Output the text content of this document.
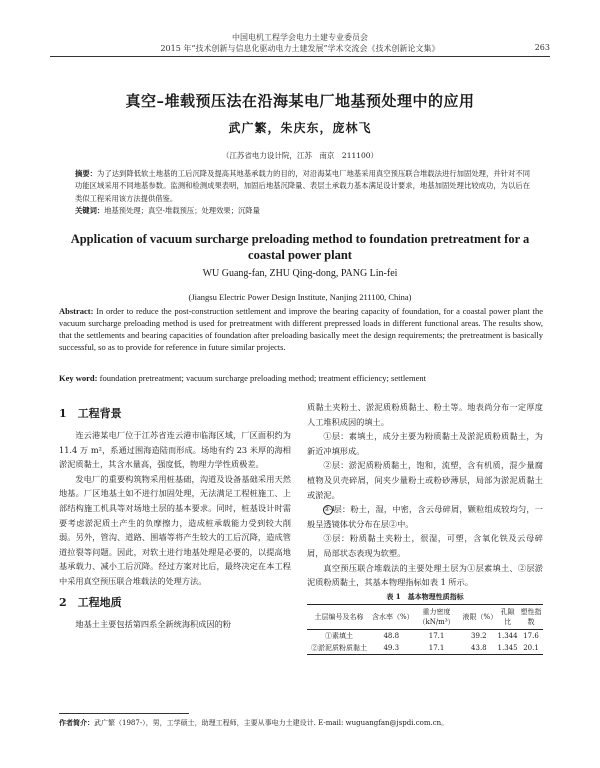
中国电机工程学会电力土建专业委员会
2015 年“技术创新与信息化驱动电力土建发展”学术交流会《技术创新论文集》	263
真空–堆载预压法在沿海某电厂地基预处理中的应用
武广繁，朱庆东，庞林飞
（江苏省电力设计院，江苏　南京　211100）
摘要：为了达到降低软土地基的工后沉降及提高其地基承载力的目的，对沿海某电厂地基采用真空预压联合堆载法进行加固处理，并针对不同功能区域采用不同地基参数。监测和检测成果表明，加固后地基沉降量、表层土承载力基本满足设计要求，地基加固处理比较成功，为以后在类似工程采用该方法提供借鉴。
关键词：地基预处理；真空-堆载预压；处理效果；沉降量
Application of vacuum surcharge preloading method to foundation pretreatment for a coastal power plant
WU Guang-fan, ZHU Qing-dong, PANG Lin-fei
(Jiangsu Electric Power Design Institute, Nanjing 211100, China)
Abstract: In order to reduce the post-construction settlement and improve the bearing capacity of foundation, for a coastal power plant the vacuum surcharge preloading method is used for pretreatment with different prepressed loads in different functional areas. The results show, that the settlements and bearing capacities of foundation after preloading basically meet the design requirements; the pretreatment is basically successful, so as to provide for reference in future similar projects.
Key word: foundation pretreatment; vacuum surcharge preloading method; treatment efficiency; settlement
1　工程背景

连云港某电厂位于江苏省连云港市临海区域，厂区面积约为 11.4 万 m²，系通过围海造陆而形成。场地有约 23 米厚的海相淤泥质黏土，其含水量高，强度低，物理力学性质极差。

发电厂的重要构筑物采用桩基础，沟道及设备基础采用天然地基。厂区地基土如不进行加固处理，无法满足工程桩施工、上部结构施工机具等对场地土层的基本要求。同时，桩基设计时需要考虑淤泥质土产生的负摩擦力，造成桩承载能力受到较大削弱。另外，管沟、道路、围墙等将产生较大的工后沉降，造成管道拉裂等问题。因此，对软土进行地基处理是必要的，以提高地基承载力、减小工后沉降。经过方案对比后，最终决定在本工程中采用真空预压联合堆载法的处理方法。

2　工程地质

地基土主要包括第四系全新统海积成因的粉

质黏土夹粉土、淤泥质粉质黏土、粉土等。地表尚分布一定厚度人工堆积成因的填土。

①层：素填土，成分主要为粉质黏土及淤泥质粉质黏土，为新近冲填形成。

②层：淤泥质粉质黏土，饱和，流塑，含有机质，混少量腐植物及贝壳碎屑，间夹少量粉土或粉砂薄层，局部为淤泥质黏土或淤泥。

②-1层：粉土，湿，中密，含云母碎屑，颗粒组成较均匀，一般呈透镜体状分布在层②中。

③层：粉质黏土夹粉土，很湿，可塑，含氧化铁及云母碎屑，局部状态表现为软塑。

真空预压联合堆载法的主要处理土层为①层素填土、②层淤泥质粉质黏土，其基本物理指标如表 1 所示。

表 1　基本物理性质指标
土层编号及名称	含水率（%）	重力密度（kN/m³）	液限（%）	孔隙比	塑性指数
①素填土	48.8	17.1	39.2	1.344	17.6
②淤泥质粉质黏土	49.3	17.1	43.8	1.345	20.1
作者简介：武广繁（1987-），男，工学硕士，助理工程师，主要从事电力土建设计. E-mail: wuguangfan@jspdi.com.cn。
